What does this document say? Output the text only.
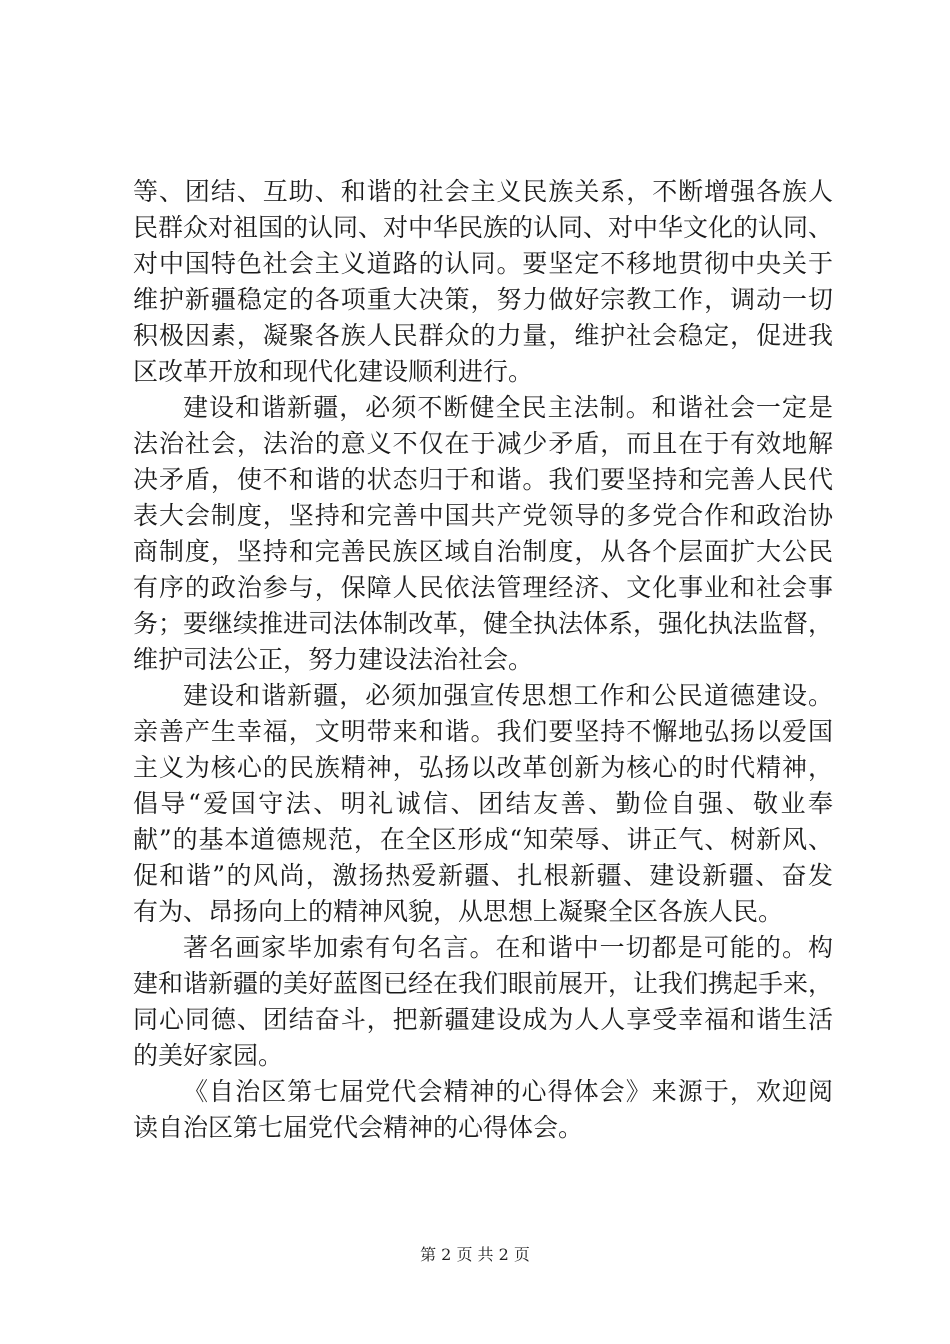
等、团结、互助、和谐的社会主义民族关系，不断增强各族人
民群众对祖国的认同、对中华民族的认同、对中华文化的认同、
对中国特色社会主义道路的认同。要坚定不移地贯彻中央关于
维护新疆稳定的各项重大决策，努力做好宗教工作，调动一切
积极因素，凝聚各族人民群众的力量，维护社会稳定，促进我
区改革开放和现代化建设顺利进行。
建设和谐新疆，必须不断健全民主法制。和谐社会一定是
法治社会，法治的意义不仅在于减少矛盾，而且在于有效地解
决矛盾，使不和谐的状态归于和谐。我们要坚持和完善人民代
表大会制度，坚持和完善中国共产党领导的多党合作和政治协
商制度，坚持和完善民族区域自治制度，从各个层面扩大公民
有序的政治参与，保障人民依法管理经济、文化事业和社会事
务；要继续推进司法体制改革，健全执法体系，强化执法监督，
维护司法公正，努力建设法治社会。
建设和谐新疆，必须加强宣传思想工作和公民道德建设。
亲善产生幸福，文明带来和谐。我们要坚持不懈地弘扬以爱国
主义为核心的民族精神，弘扬以改革创新为核心的时代精神，
倡导“爱国守法、明礼诚信、团结友善、勤俭自强、敬业奉
献”的基本道德规范，在全区形成“知荣辱、讲正气、树新风、
促和谐”的风尚，激扬热爱新疆、扎根新疆、建设新疆、奋发
有为、昂扬向上的精神风貌，从思想上凝聚全区各族人民。
著名画家毕加索有句名言。在和谐中一切都是可能的。构
建和谐新疆的美好蓝图已经在我们眼前展开，让我们携起手来，
同心同德、团结奋斗，把新疆建设成为人人享受幸福和谐生活
的美好家园。
《自治区第七届党代会精神的心得体会》来源于，欢迎阅
读自治区第七届党代会精神的心得体会。
第 2 页 共 2 页
